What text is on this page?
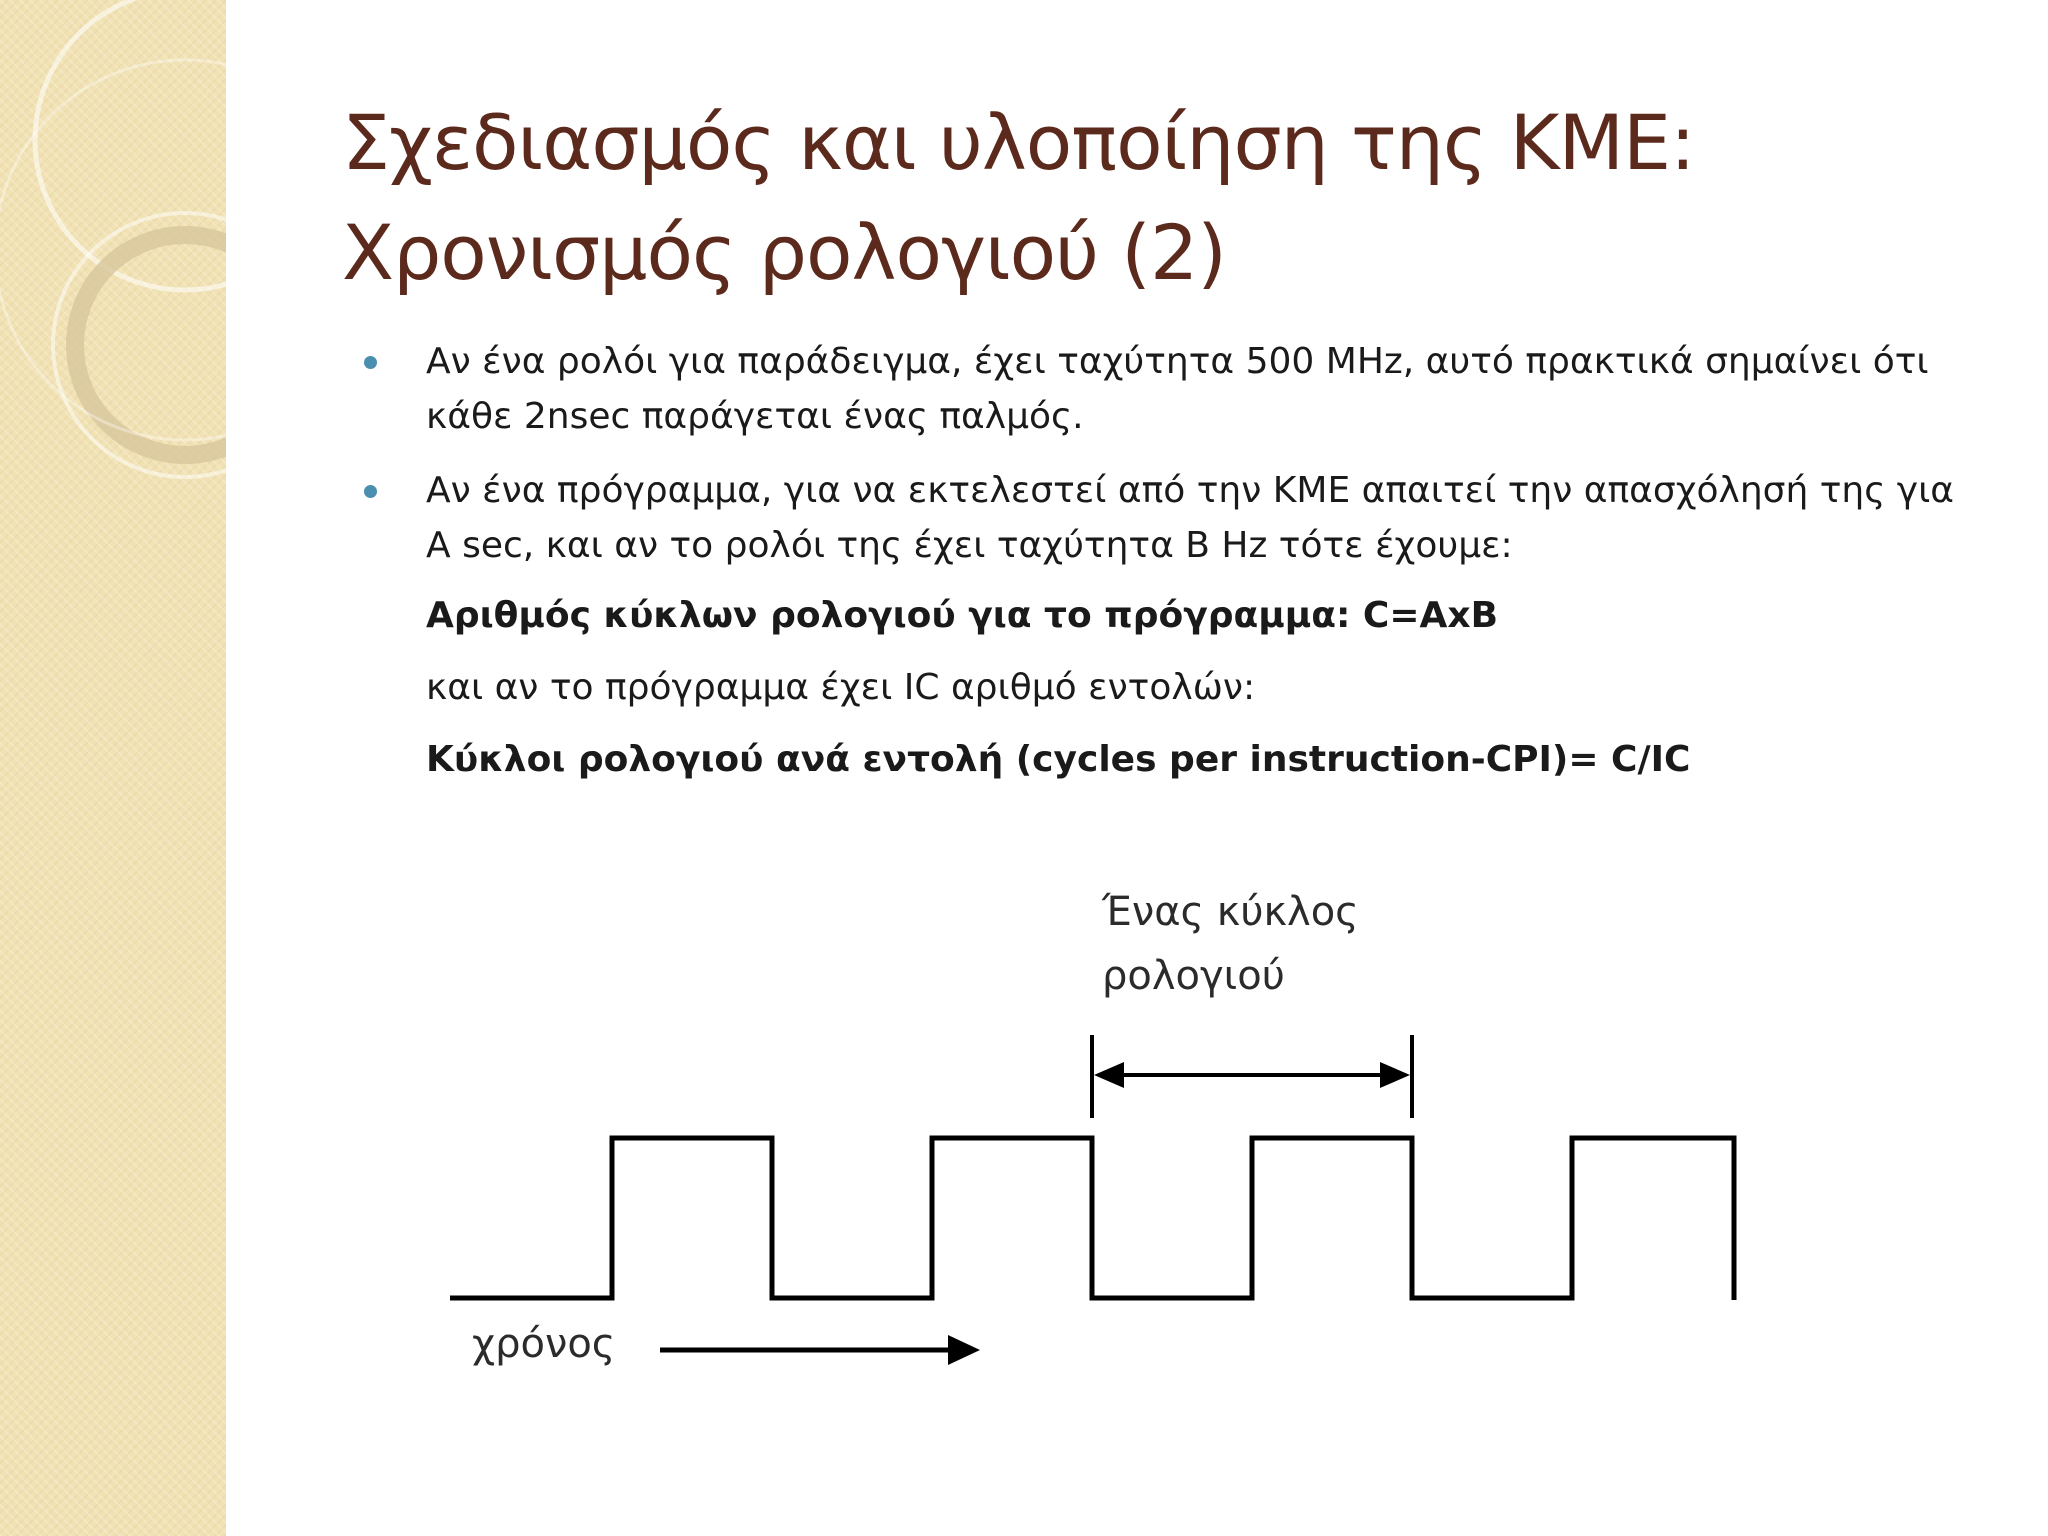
Σχεδιασμός και υλοποίηση της ΚΜΕ:
Χρονισμός ρολογιού (2)
Αν ένα ρολόι για παράδειγμα, έχει ταχύτητα 500 MHz, αυτό πρακτικά σημαίνει ότι κάθε 2nsec παράγεται ένας παλμός.
Αν ένα πρόγραμμα, για να εκτελεστεί από την ΚΜΕ απαιτεί την απασχόλησή της για Α sec, και αν το ρολόι της έχει ταχύτητα Β Hz τότε έχουμε:
Αριθμός κύκλων ρολογιού για το πρόγραμμα: C=AxB
και αν το πρόγραμμα έχει IC αριθμό εντολών:
Κύκλοι ρολογιού ανά εντολή (cycles per instruction-CPI)= C/IC
Ένας κύκλος
ρολογιού
χρόνος
